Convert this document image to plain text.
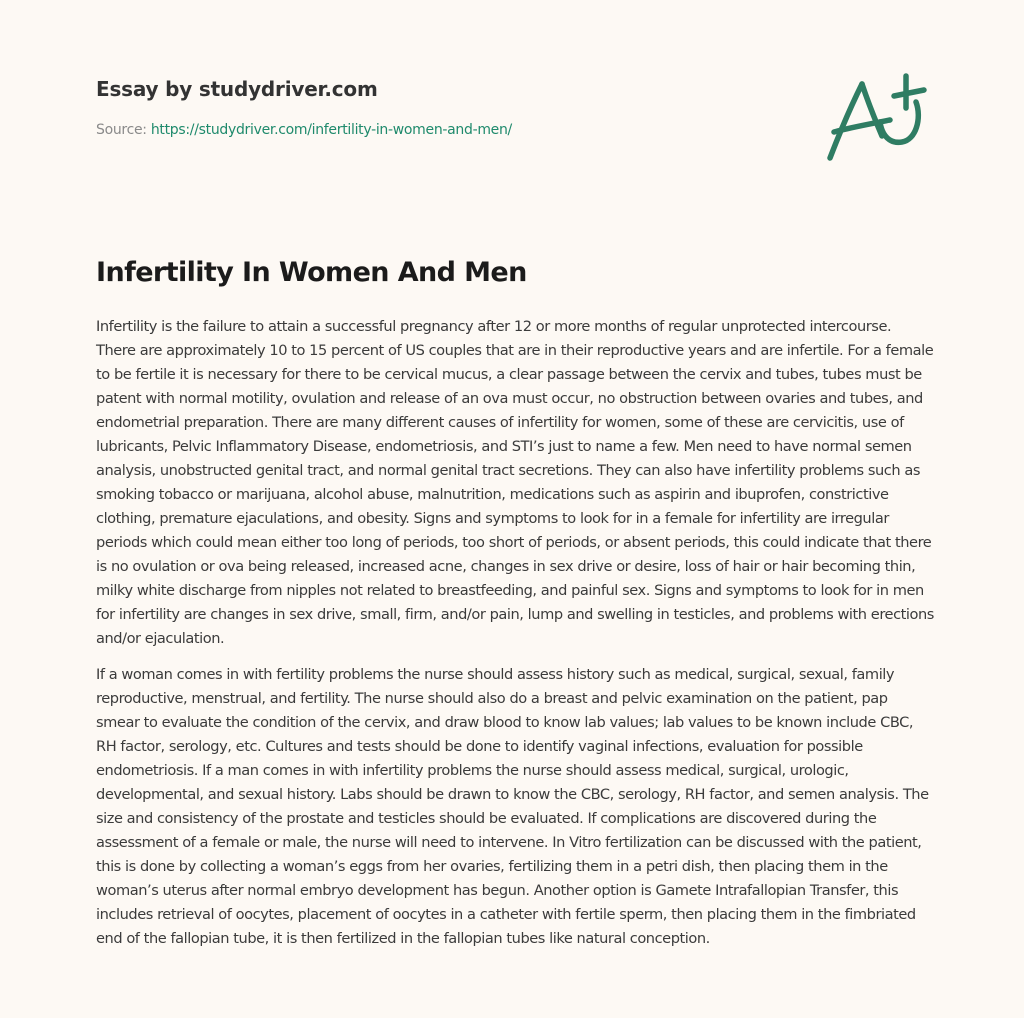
Essay by studydriver.com
Source: https://studydriver.com/infertility-in-women-and-men/
Infertility In Women And Men

Infertility is the failure to attain a successful pregnancy after 12 or more months of regular unprotected intercourse. There are approximately 10 to 15 percent of US couples that are in their reproductive years and are infertile. For a female to be fertile it is necessary for there to be cervical mucus, a clear passage between the cervix and tubes, tubes must be patent with normal motility, ovulation and release of an ova must occur, no obstruction between ovaries and tubes, and endometrial preparation. There are many different causes of infertility for women, some of these are cervicitis, use of lubricants, Pelvic Inflammatory Disease, endometriosis, and STI’s just to name a few. Men need to have normal semen analysis, unobstructed genital tract, and normal genital tract secretions. They can also have infertility problems such as smoking tobacco or marijuana, alcohol abuse, malnutrition, medications such as aspirin and ibuprofen, constrictive clothing, premature ejaculations, and obesity. Signs and symptoms to look for in a female for infertility are irregular periods which could mean either too long of periods, too short of periods, or absent periods, this could indicate that there is no ovulation or ova being released, increased acne, changes in sex drive or desire, loss of hair or hair becoming thin, milky white discharge from nipples not related to breastfeeding, and painful sex. Signs and symptoms to look for in men for infertility are changes in sex drive, small, firm, and/or pain, lump and swelling in testicles, and problems with erections and/or ejaculation.

If a woman comes in with fertility problems the nurse should assess history such as medical, surgical, sexual, family reproductive, menstrual, and fertility. The nurse should also do a breast and pelvic examination on the patient, pap smear to evaluate the condition of the cervix, and draw blood to know lab values; lab values to be known include CBC, RH factor, serology, etc. Cultures and tests should be done to identify vaginal infections, evaluation for possible endometriosis. If a man comes in with infertility problems the nurse should assess medical, surgical, urologic, developmental, and sexual history. Labs should be drawn to know the CBC, serology, RH factor, and semen analysis. The size and consistency of the prostate and testicles should be evaluated. If complications are discovered during the assessment of a female or male, the nurse will need to intervene. In Vitro fertilization can be discussed with the patient, this is done by collecting a woman’s eggs from her ovaries, fertilizing them in a petri dish, then placing them in the woman’s uterus after normal embryo development has begun. Another option is Gamete Intrafallopian Transfer, this includes retrieval of oocytes, placement of oocytes in a catheter with fertile sperm, then placing them in the fimbriated end of the fallopian tube, it is then fertilized in the fallopian tubes like natural conception.
